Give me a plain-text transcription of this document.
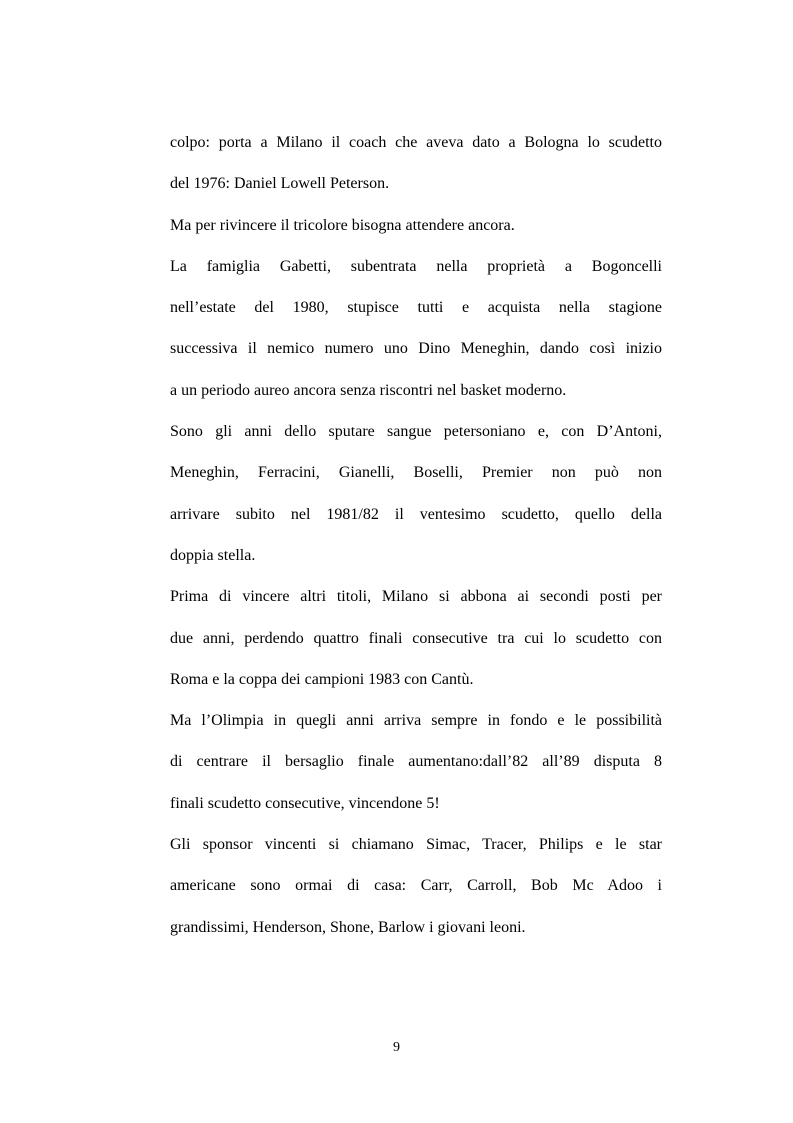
colpo: porta a Milano il coach che aveva dato a Bologna lo scudetto
del 1976: Daniel Lowell Peterson.
Ma per rivincere il tricolore bisogna attendere ancora.
La famiglia Gabetti, subentrata nella proprietà a Bogoncelli
nell’estate del 1980, stupisce tutti e acquista nella stagione
successiva il nemico numero uno Dino Meneghin, dando così inizio
a un periodo aureo ancora senza riscontri nel basket moderno.
Sono gli anni dello sputare sangue petersoniano e, con D’Antoni,
Meneghin, Ferracini, Gianelli, Boselli, Premier non può non
arrivare subito nel 1981/82 il ventesimo scudetto, quello della
doppia stella.
Prima di vincere altri titoli, Milano si abbona ai secondi posti per
due anni, perdendo quattro finali consecutive tra cui lo scudetto con
Roma e la coppa dei campioni 1983 con Cantù.
Ma l’Olimpia in quegli anni arriva sempre in fondo e le possibilità
di centrare il bersaglio finale aumentano:dall’82 all’89 disputa 8
finali scudetto consecutive, vincendone 5!
Gli sponsor vincenti si chiamano Simac, Tracer, Philips e le star
americane sono ormai di casa: Carr, Carroll, Bob Mc Adoo i
grandissimi, Henderson, Shone, Barlow i giovani leoni.
9
